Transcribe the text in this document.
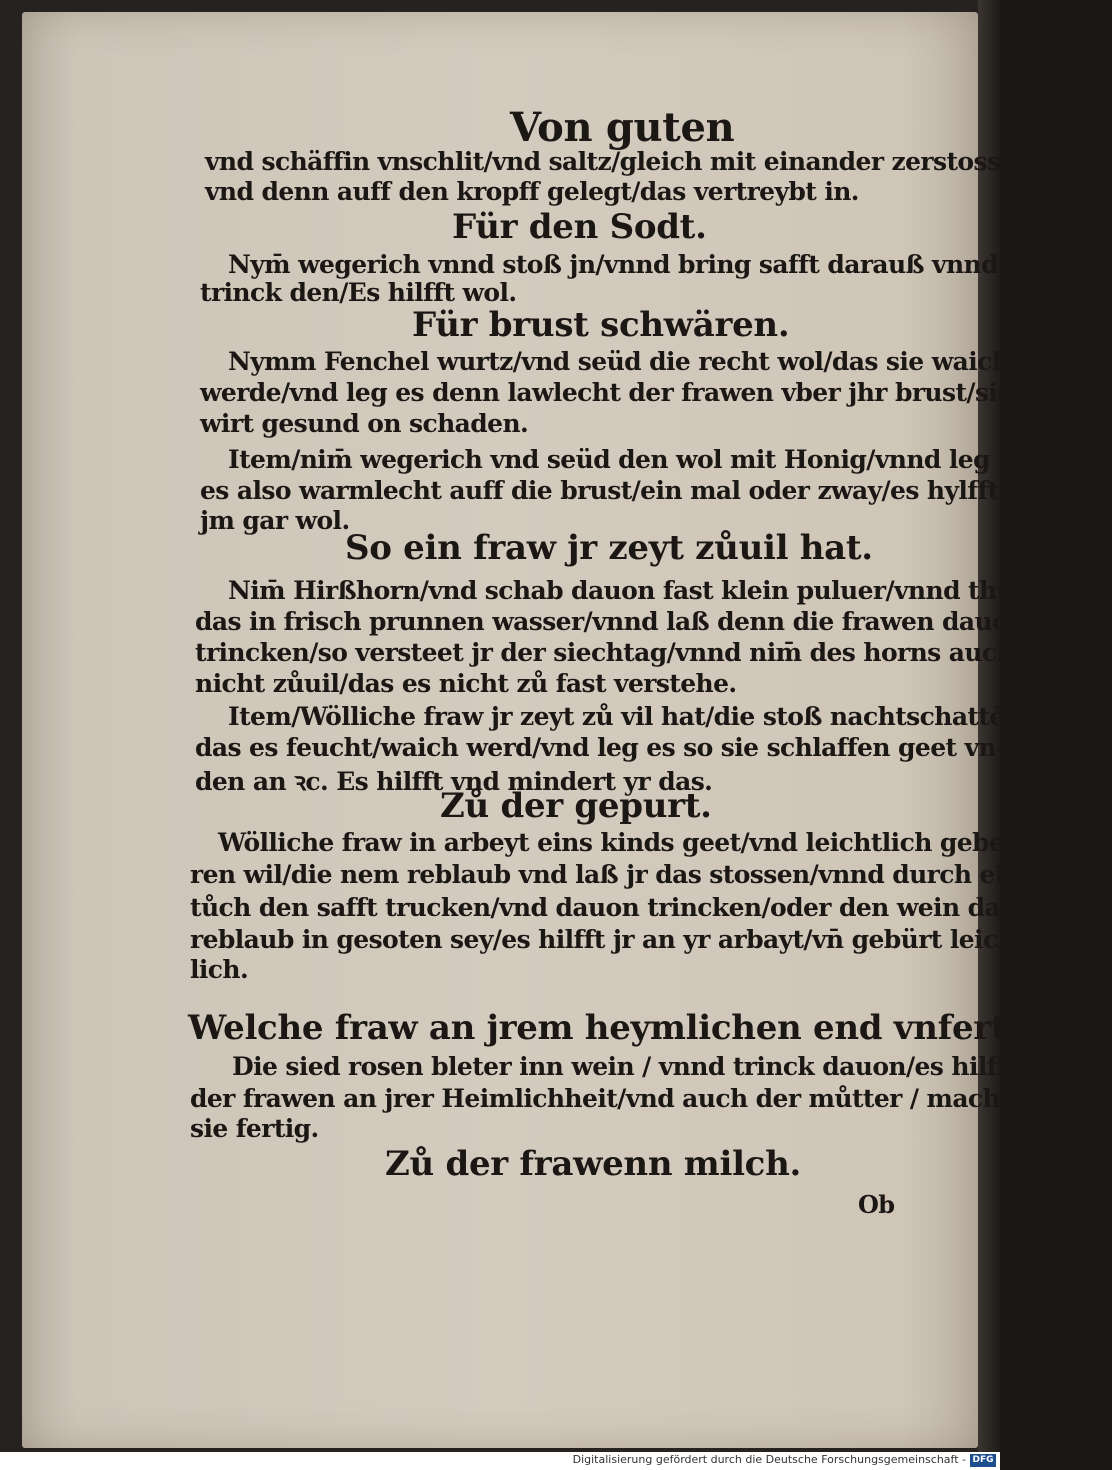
Von guten
vnd schäffin vnschlit/vnd saltz/gleich mit einander zerstossenn
vnd denn auff den kropff gelegt/das vertreybt in.
Für den Sodt.
Nym̄ wegerich vnnd stoß jn/vnnd bring safft darauß vnnd
trinck den/Es hilfft wol.
Für brust schwären.
Nymm Fenchel wurtz/vnd seüd die recht wol/das sie waich
werde/vnd leg es denn lawlecht der frawen vber jhr brust/sie
wirt gesund on schaden.
Item/nim̄ wegerich vnd seüd den wol mit Honig/vnnd leg
es also warmlecht auff die brust/ein mal oder zway/es hylfft
jm gar wol.
So ein fraw jr zeyt zůuil hat.
Nim̄ Hirßhorn/vnd schab dauon fast klein puluer/vnnd thů
das in frisch prunnen wasser/vnnd laß denn die frawen dauon
trincken/so versteet jr der siechtag/vnnd nim̄ des horns auch
nicht zůuil/das es nicht zů fast verstehe.
Item/Wölliche fraw jr zeyt zů vil hat/die stoß nachtschattē
das es feucht/waich werd/vnd leg es so sie schlaffen geet vn-
den an ꝛc. Es hilfft vnd mindert yr das.
Zů der gepurt.
Wölliche fraw in arbeyt eins kinds geet/vnd leichtlich gebe
ren wil/die nem reblaub vnd laß jr das stossen/vnnd durch ein
tůch den safft trucken/vnd dauon trincken/oder den wein da
reblaub in gesoten sey/es hilfft jr an yr arbayt/vn̄ gebürt leicht
lich.
Welche fraw an jrem heymlichen end vnfertig ist.
Die sied rosen bleter inn wein / vnnd trinck dauon/es hilfft
der frawen an jrer Heimlichheit/vnd auch der můtter / macht
sie fertig.
Zů der frawenn milch.
Ob
Digitalisierung gefördert durch die Deutsche Forschungsgemeinschaft - DFG
